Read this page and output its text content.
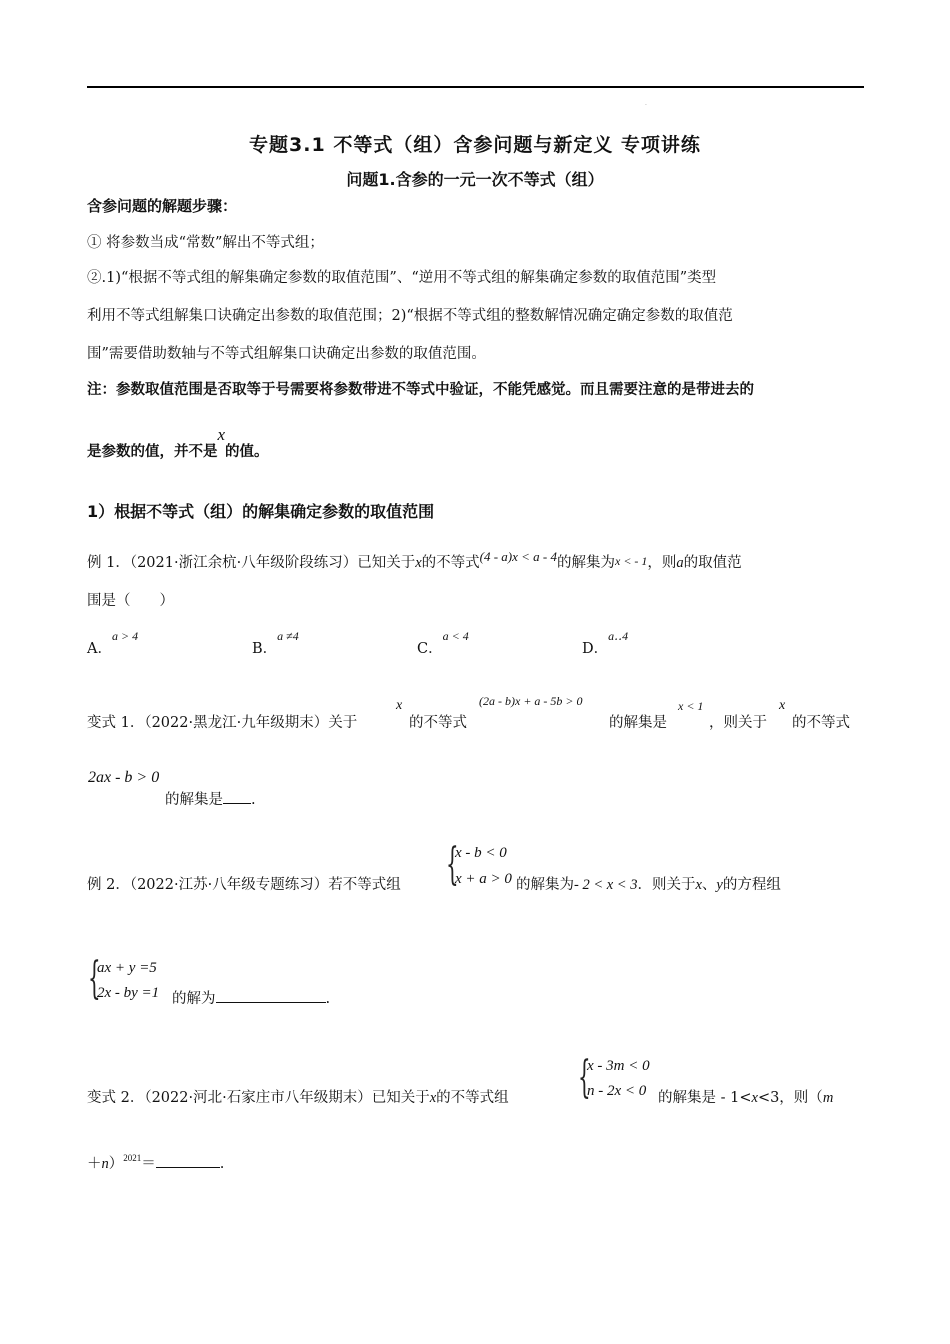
.
专题3.1 不等式（组）含参问题与新定义 专项讲练
问题1.含参的一元一次不等式（组）
含参问题的解题步骤：
① 将参数当成“常数”解出不等式组；
②.1)“根据不等式组的解集确定参数的取值范围”、“逆用不等式组的解集确定参数的取值范围”类型
利用不等式组解集口诀确定出参数的取值范围；2)“根据不等式组的整数解情况确定确定参数的取值范
围”需要借助数轴与不等式组解集口诀确定出参数的取值范围。
注：参数取值范围是否取等于号需要将参数带进不等式中验证，不能凭感觉。而且需要注意的是带进去的
是参数的值，并不是x的值。
1）根据不等式（组）的解集确定参数的取值范围
例 1．（2021·浙江余杭·八年级阶段练习）已知关于x的不等式(4 - a)x < a - 4的解集为x < - 1，则a的取值范
围是（　　）
A．$^{a > 4}$
B．$^{a \ne 4}$
C．$^{a < 4}$
D．$^{a‥4}$
变式 1．（2022·黑龙江·九年级期末）关于
x
的不等式
(2a - b)x + a - 5b > 0
的解集是
x < 1
，则关于
x
的不等式
2ax - b > 0
的解集是 .
例 2．（2022·江苏·八年级专题练习）若不等式组 {
x - b < 0
x + a > 0 的解集为- 2 < x < 3．则关于x、y的方程组
{
ax + y =5
2x - by =1 的解为	.
变式 2．（2022·河北·石家庄市八年级期末）已知关于x的不等式组 {
x - 3m < 0
n - 2x < 0 的解集是 - 1<x<3，则（m
＋n）$^{2021}$＝	.
